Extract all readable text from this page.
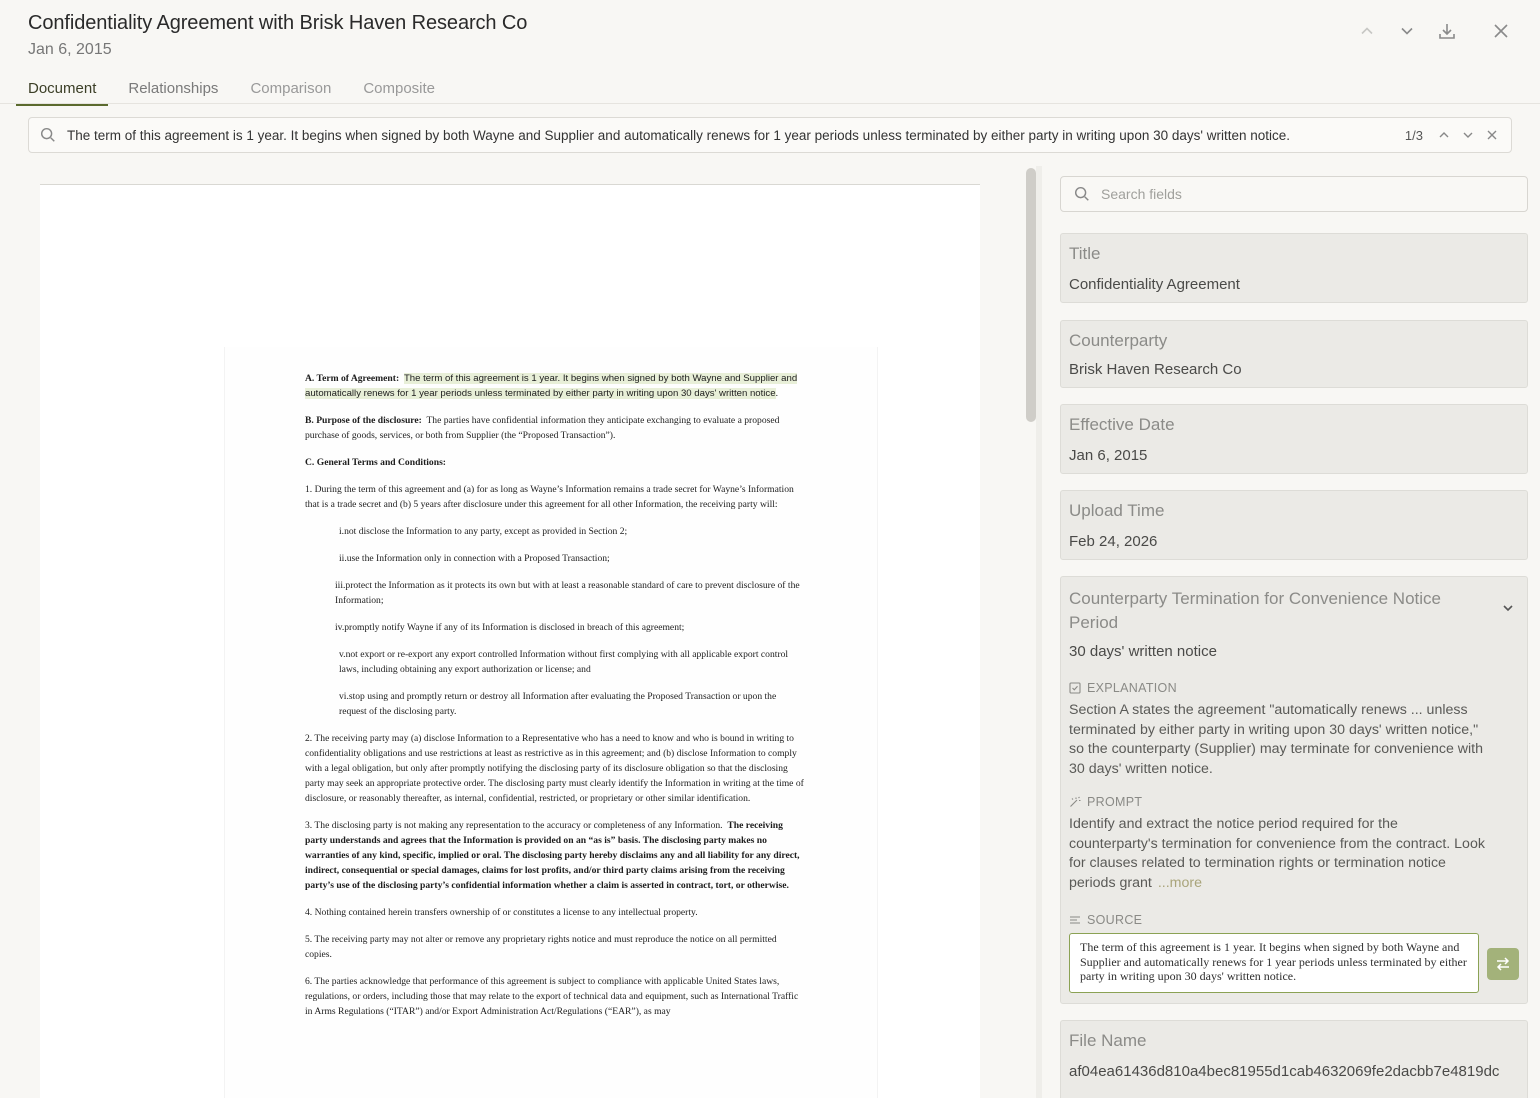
Confidentiality Agreement with Brisk Haven Research Co
Jan 6, 2015
Document	Relationships	Comparison	Composite
The term of this agreement is 1 year. It begins when signed by both Wayne and Supplier and automatically renews for 1 year periods unless terminated by either party in writing upon 30 days' written notice.	1/3

A. Term of Agreement: The term of this agreement is 1 year. It begins when signed by both Wayne and Supplier and automatically renews for 1 year periods unless terminated by either party in writing upon 30 days' written notice.

B. Purpose of the disclosure: The parties have confidential information they anticipate exchanging to evaluate a proposed purchase of goods, services, or both from Supplier (the “Proposed Transaction”).

C. General Terms and Conditions:

1. During the term of this agreement and (a) for as long as Wayne’s Information remains a trade secret for Wayne’s Information that is a trade secret and (b) 5 years after disclosure under this agreement for all other Information, the receiving party will:

i.not disclose the Information to any party, except as provided in Section 2;

ii.use the Information only in connection with a Proposed Transaction;

iii.protect the Information as it protects its own but with at least a reasonable standard of care to prevent disclosure of the Information;

iv.promptly notify Wayne if any of its Information is disclosed in breach of this agreement;

v.not export or re-export any export controlled Information without first complying with all applicable export control laws, including obtaining any export authorization or license; and

vi.stop using and promptly return or destroy all Information after evaluating the Proposed Transaction or upon the request of the disclosing party.

2. The receiving party may (a) disclose Information to a Representative who has a need to know and who is bound in writing to confidentiality obligations and use restrictions at least as restrictive as in this agreement; and (b) disclose Information to comply with a legal obligation, but only after promptly notifying the disclosing party of its disclosure obligation so that the disclosing party may seek an appropriate protective order. The disclosing party must clearly identify the Information in writing at the time of disclosure, or reasonably thereafter, as internal, confidential, restricted, or proprietary or other similar identification.

3. The disclosing party is not making any representation to the accuracy or completeness of any Information. The receiving party understands and agrees that the Information is provided on an “as is” basis. The disclosing party makes no warranties of any kind, specific, implied or oral. The disclosing party hereby disclaims any and all liability for any direct, indirect, consequential or special damages, claims for lost profits, and/or third party claims arising from the receiving party’s use of the disclosing party’s confidential information whether a claim is asserted in contract, tort, or otherwise.

4. Nothing contained herein transfers ownership of or constitutes a license to any intellectual property.

5. The receiving party may not alter or remove any proprietary rights notice and must reproduce the notice on all permitted copies.

6. The parties acknowledge that performance of this agreement is subject to compliance with applicable United States laws, regulations, or orders, including those that may relate to the export of technical data and equipment, such as International Traffic in Arms Regulations (“ITAR”) and/or Export Administration Act/Regulations (“EAR”), as may

Search fields
Title
Confidentiality Agreement
Counterparty
Brisk Haven Research Co
Effective Date
Jan 6, 2015
Upload Time
Feb 24, 2026
Counterparty Termination for Convenience Notice Period
30 days' written notice
EXPLANATION
Section A states the agreement "automatically renews ... unless terminated by either party in writing upon 30 days' written notice," so the counterparty (Supplier) may terminate for convenience with 30 days' written notice.
PROMPT
Identify and extract the notice period required for the counterparty's termination for convenience from the contract. Look for clauses related to termination rights or termination notice periods grant ...more
SOURCE
The term of this agreement is 1 year. It begins when signed by both Wayne and Supplier and automatically renews for 1 year periods unless terminated by either party in writing upon 30 days' written notice.
File Name
af04ea61436d810a4bec81955d1cab4632069fe2dacbb7e4819dc
